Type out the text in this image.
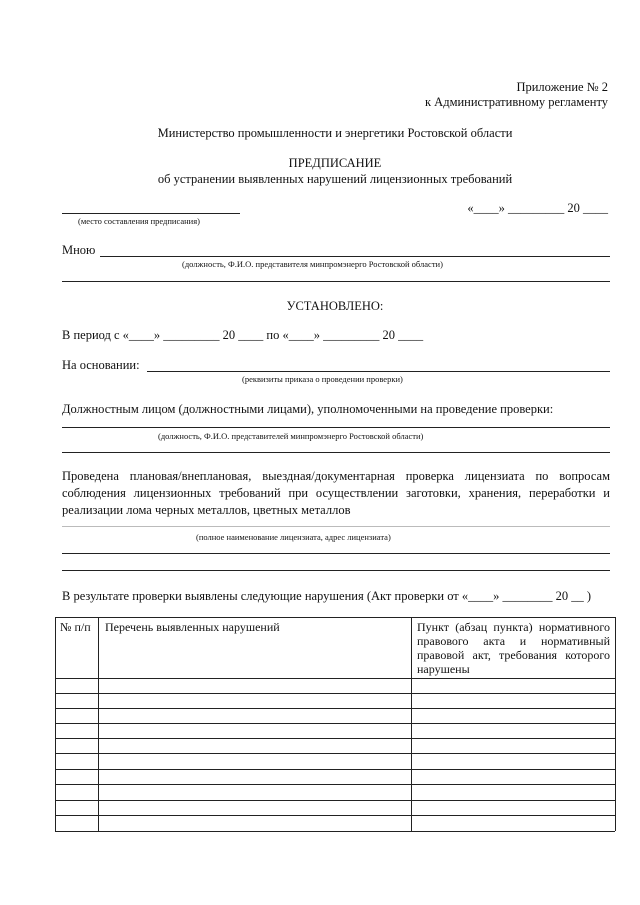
Приложение № 2
к Административному регламенту
Министерство промышленности и энергетики Ростовской области
ПРЕДПИСАНИЕ
об устранении выявленных нарушений лицензионных требований
(место составления предписания)
«____» _________ 20 ____
Мною
(должность, Ф.И.О. представителя минпромэнерго Ростовской области)
УСТАНОВЛЕНО:
В период с «____» _________ 20 ____ по «____» _________ 20 ____
На основании:
(реквизиты приказа о проведении проверки)
Должностным лицом (должностными лицами), уполномоченными на проведение проверки:
(должность, Ф.И.О. представителей минпромэнерго Ростовской области)
Проведена плановая/внеплановая, выездная/документарная проверка лицензиата по вопросам соблюдения лицензионных требований при осуществлении заготовки, хранения, переработки и реализации лома черных металлов, цветных металлов
(полное наименование лицензиата, адрес лицензиата)
В результате проверки выявлены следующие нарушения (Акт проверки от «____» ________ 20 __ )
№ п/п Перечень выявленных нарушений	Пункт (абзац пункта) нормативного правового акта и нормативный правовой акт, требования которого нарушены
